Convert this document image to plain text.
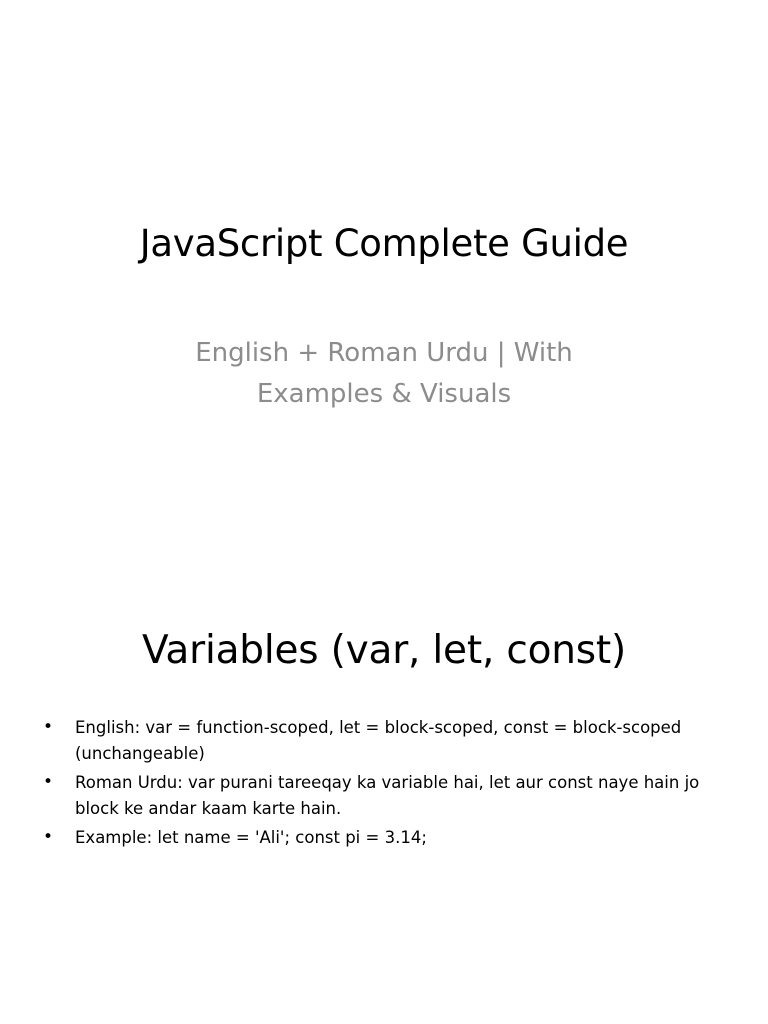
JavaScript Complete Guide

English + Roman Urdu | With
Examples & Visuals

Variables (var, let, const)
• English: var = function-scoped, let = block-scoped, const = block-scoped
(unchangeable)
• Roman Urdu: var purani tareeqay ka variable hai, let aur const naye hain jo
block ke andar kaam karte hain.
• Example: let name = 'Ali'; const pi = 3.14;
